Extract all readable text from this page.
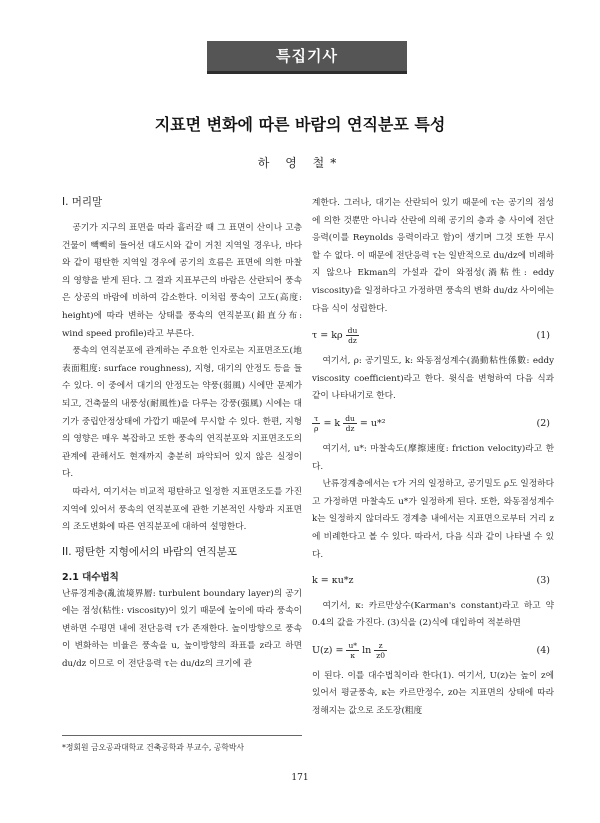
특집기사
지표면 변화에 따른 바람의 연직분포 특성
하 영 철*
I. 머리말

공기가 지구의 표면을 따라 흘러갈 때 그 표면이 산이나 고층건물이 빽빽히 들어선 대도시와 같이 거친 지역일 경우나, 바다와 같이 평탄한 지역일 경우에 공기의 흐름은 표면에 의한 마찰의 영향을 받게 된다. 그 결과 지표부근의 바람은 산란되어 풍속은 상공의 바람에 비하여 감소한다. 이처럼 풍속이 고도(高度: height)에 따라 변하는 상태를 풍속의 연직분포(鉛直分布: wind speed profile)라고 부른다.

풍속의 연직분포에 관계하는 주요한 인자로는 지표면조도(地表面粗度: surface roughness), 지형, 대기의 안정도 등을 들 수 있다. 이 중에서 대기의 안정도는 약풍(弱風) 시에만 문제가 되고, 건축물의 내풍성(耐風性)을 다루는 강풍(强風) 시에는 대기가 중립안정상태에 가깝기 때문에 무시할 수 있다. 한편, 지형의 영향은 매우 복잡하고 또한 풍속의 연직분포와 지표면조도의 관계에 관해서도 현재까지 충분히 파악되어 있지 않은 실정이다.

따라서, 여기서는 비교적 평탄하고 일정한 지표면조도를 가진 지역에 있어서 풍속의 연직분포에 관한 기본적인 사항과 지표면의 조도변화에 따른 연직분포에 대하여 설명한다.

II. 평탄한 지형에서의 바람의 연직분포
2.1 대수법칙

난류경계층(亂流境界層: turbulent boundary layer)의 공기에는 점성(粘性: viscosity)이 있기 때문에 높이에 따라 풍속이 변하면 수평면 내에 전단응력 τ가 존재한다. 높이방향으로 풍속이 변화하는 비율은 풍속을 u, 높이방향의 좌표를 z라고 하면 du/dz 이므로 이 전단응력 τ는 du/dz의 크기에 관

계한다. 그러나, 대기는 산란되어 있기 때문에 τ는 공기의 점성에 의한 것뿐만 아니라 산란에 의해 공기의 층과 층 사이에 전단응력(이를 Reynolds 응력이라고 함)이 생기며 그것 또한 무시할 수 없다. 이 때문에 전단응력 τ는 일반적으로 du/dz에 비례하지 않으나 Ekman의 가설과 같이 와점성(渦粘性: eddy viscosity)을 일정하다고 가정하면 풍속의 변화 du/dz 사이에는 다음 식이 성립한다.

τ = kρ $\frac{du}{dz}$	(1)

여기서, ρ: 공기밀도, k: 와동점성계수(渦動粘性係數: eddy viscosity coefficient)라고 한다. 윗식을 변형하여 다음 식과 같이 나타내기로 한다.

$\frac{\tau}{\rho} = k \frac{du}{dz} = u*^2$	(2)

여기서, u*: 마찰속도(摩擦速度: friction velocity)라고 한다.

난류경계층에서는 τ가 거의 일정하고, 공기밀도 ρ도 일정하다고 가정하면 마찰속도 u*가 일정하게 된다. 또한, 와동점성계수 k는 일정하지 않더라도 경계층 내에서는 지표면으로부터 거리 z에 비례한다고 볼 수 있다. 따라서, 다음 식과 같이 나타낼 수 있다.

k = κu*z	(3)

여기서, κ: 카르만상수(Karman's constant)라고 하고 약 0.4의 값을 가진다. (3)식을 (2)식에 대입하여 적분하면

$U(z) = \frac{u*}{\kappa}$ $\ln \frac{z}{z0}$	(4)

이 된다. 이를 대수법칙이라 한다(1). 여기서, U(z)는 높이 z에 있어서 평균풍속, κ는 카르만정수, z0는 지표면의 상태에 따라 정해지는 값으로 조도장(粗度

*정회원 금오공과대학교 건축공학과 부교수, 공학박사
171
